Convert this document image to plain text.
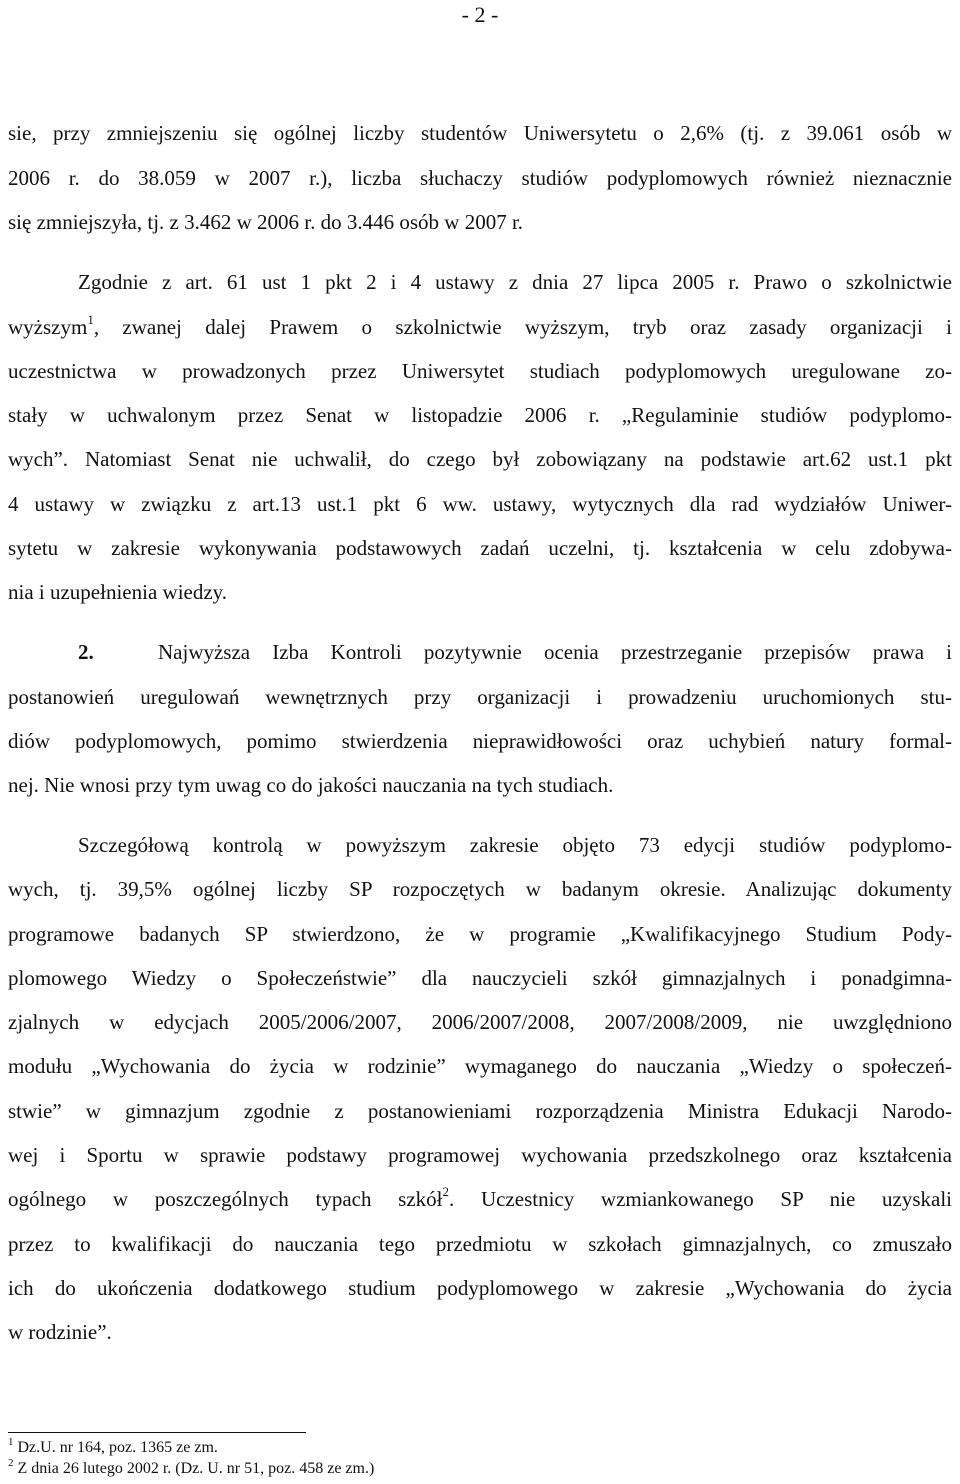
- 2 -
sie, przy zmniejszeniu się ogólnej liczby studentów Uniwersytetu o 2,6% (tj. z 39.061 osób w
2006 r. do 38.059 w 2007 r.), liczba słuchaczy studiów podyplomowych również nieznacznie
się zmniejszyła, tj. z 3.462 w 2006 r. do 3.446 osób w 2007 r.
Zgodnie z art. 61 ust 1 pkt 2 i 4 ustawy z dnia 27 lipca 2005 r. Prawo o szkolnictwie
wyższym$^1$, zwanej dalej Prawem o szkolnictwie wyższym, tryb oraz zasady organizacji i
uczestnictwa w prowadzonych przez Uniwersytet studiach podyplomowych uregulowane zo-
stały w uchwalonym przez Senat w listopadzie 2006 r. „Regulaminie studiów podyplomo-
wych”. Natomiast Senat nie uchwalił, do czego był zobowiązany na podstawie art.62 ust.1 pkt
4 ustawy w związku z art.13 ust.1 pkt 6 ww. ustawy, wytycznych dla rad wydziałów Uniwer-
sytetu w zakresie wykonywania podstawowych zadań uczelni, tj. kształcenia w celu zdobywa-
nia i uzupełnienia wiedzy.
2.	Najwyższa Izba Kontroli pozytywnie ocenia przestrzeganie przepisów prawa i
postanowień uregulowań wewnętrznych przy organizacji i prowadzeniu uruchomionych stu-
diów podyplomowych, pomimo stwierdzenia nieprawidłowości oraz uchybień natury formal-
nej. Nie wnosi przy tym uwag co do jakości nauczania na tych studiach.
Szczegółową kontrolą w powyższym zakresie objęto 73 edycji studiów podyplomo-
wych, tj. 39,5% ogólnej liczby SP rozpoczętych w badanym okresie. Analizując dokumenty
programowe badanych SP stwierdzono, że w programie „Kwalifikacyjnego Studium Pody-
plomowego Wiedzy o Społeczeństwie” dla nauczycieli szkół gimnazjalnych i ponadgimna-
zjalnych w edycjach 2005/2006/2007, 2006/2007/2008, 2007/2008/2009, nie uwzględniono
modułu „Wychowania do życia w rodzinie” wymaganego do nauczania „Wiedzy o społeczeń-
stwie” w gimnazjum zgodnie z postanowieniami rozporządzenia Ministra Edukacji Narodo-
wej i Sportu w sprawie podstawy programowej wychowania przedszkolnego oraz kształcenia
ogólnego w poszczególnych typach szkół$^2$. Uczestnicy wzmiankowanego SP nie uzyskali
przez to kwalifikacji do nauczania tego przedmiotu w szkołach gimnazjalnych, co zmuszało
ich do ukończenia dodatkowego studium podyplomowego w zakresie „Wychowania do życia
w rodzinie”.
$^1$ Dz.U. nr 164, poz. 1365 ze zm.
$^2$ Z dnia 26 lutego 2002 r. (Dz. U. nr 51, poz. 458 ze zm.)
